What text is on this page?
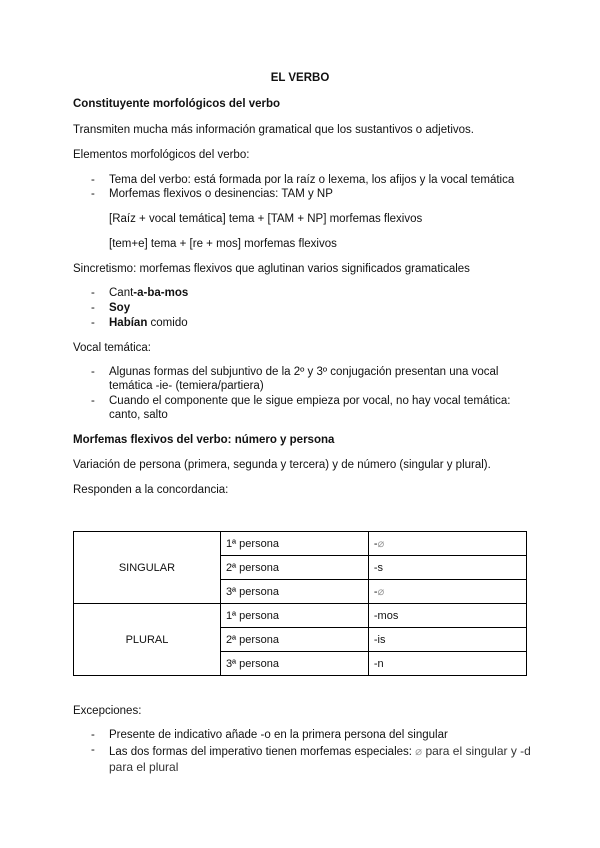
EL VERBO
Constituyente morfológicos del verbo
Transmiten mucha más información gramatical que los sustantivos o adjetivos.
Elementos morfológicos del verbo:
- Tema del verbo: está formada por la raíz o lexema, los afijos y la vocal temática
- Morfemas flexivos o desinencias: TAM y NP
[Raíz + vocal temática] tema + [TAM + NP] morfemas flexivos
[tem+e] tema + [re + mos] morfemas flexivos
Sincretismo: morfemas flexivos que aglutinan varios significados gramaticales
- Cant-a-ba-mos
- Soy
- Habían comido
Vocal temática:
- Algunas formas del subjuntivo de la 2º y 3º conjugación presentan una vocal
temática -ie- (temiera/partiera)
- Cuando el componente que le sigue empieza por vocal, no hay vocal temática:
canto, salto
Morfemas flexivos del verbo: número y persona
Variación de persona (primera, segunda y tercera) y de número (singular y plural).
Responden a la concordancia:
SINGULAR	1ª persona	-⌀
	2ª persona	-s
	3ª persona	-⌀
PLURAL	1ª persona	-mos
	2ª persona	-is
	3ª persona	-n
Excepciones:
- Presente de indicativo añade -o en la primera persona del singular
- Las dos formas del imperativo tienen morfemas especiales: ⌀ para el singular y -d
para el plural
